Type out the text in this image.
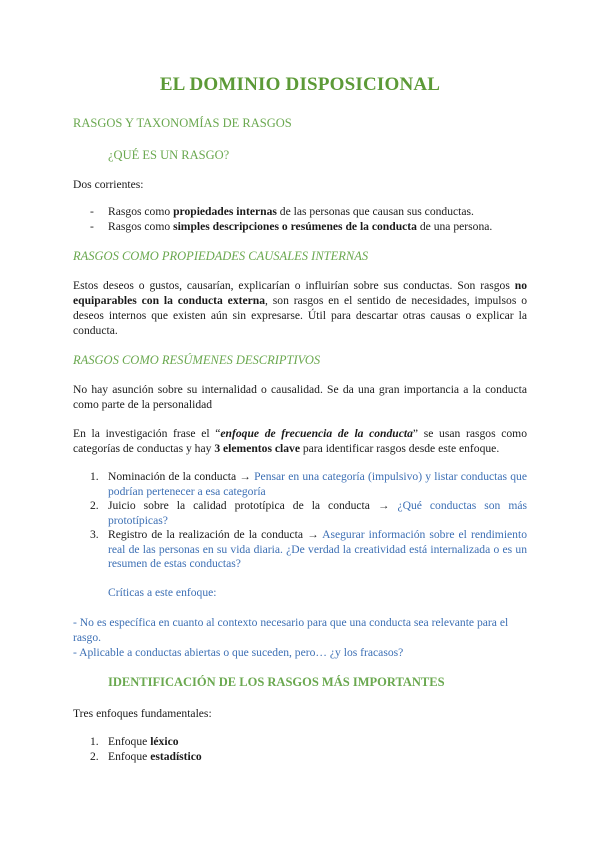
EL DOMINIO DISPOSICIONAL
RASGOS Y TAXONOMÍAS DE RASGOS
¿QUÉ ES UN RASGO?
Dos corrientes:
- Rasgos como propiedades internas de las personas que causan sus conductas.
- Rasgos como simples descripciones o resúmenes de la conducta de una persona.
RASGOS COMO PROPIEDADES CAUSALES INTERNAS
Estos deseos o gustos, causarían, explicarían o influirían sobre sus conductas. Son rasgos no equiparables con la conducta externa, son rasgos en el sentido de necesidades, impulsos o deseos internos que existen aún sin expresarse. Útil para descartar otras causas o explicar la conducta.
RASGOS COMO RESÚMENES DESCRIPTIVOS
No hay asunción sobre su internalidad o causalidad. Se da una gran importancia a la conducta como parte de la personalidad
En la investigación frase el “enfoque de frecuencia de la conducta” se usan rasgos como categorías de conductas y hay 3 elementos clave para identificar rasgos desde este enfoque.
1. Nominación de la conducta → Pensar en una categoría (impulsivo) y listar conductas que podrían pertenecer a esa categoría
2. Juicio sobre la calidad prototípica de la conducta → ¿Qué conductas son más prototípicas?
3. Registro de la realización de la conducta → Asegurar información sobre el rendimiento real de las personas en su vida diaria. ¿De verdad la creatividad está internalizada o es un resumen de estas conductas?
Críticas a este enfoque:
- No es específica en cuanto al contexto necesario para que una conducta sea relevante para el rasgo.
- Aplicable a conductas abiertas o que suceden, pero… ¿y los fracasos?
IDENTIFICACIÓN DE LOS RASGOS MÁS IMPORTANTES
Tres enfoques fundamentales:
1. Enfoque léxico
2. Enfoque estadístico
